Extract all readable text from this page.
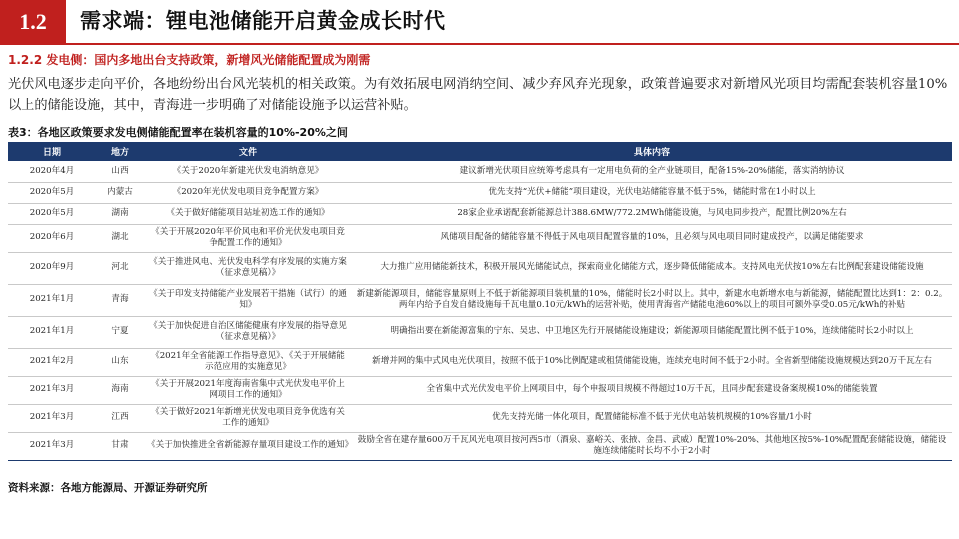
1.2	需求端：锂电池储能开启黄金成长时代
1.2.2 发电侧：国内多地出台支持政策，新增风光储能配置成为刚需
光伏风电逐步走向平价，各地纷纷出台风光装机的相关政策。为有效拓展电网消纳空间、减少弃风弃光现象，政策普遍要求对新增风光项目均需配套装机容量10%以上的储能设施，其中，青海进一步明确了对储能设施予以运营补贴。
表3：各地区政策要求发电侧储能配置率在装机容量的10%-20%之间
日期	地方	文件	具体内容
2020年4月	山西	《关于2020年新建光伏发电消纳意见》	建议新增光伏项目应统筹考虑具有一定用电负荷的全产业链项目，配备15%-20%储能，落实消纳协议
2020年5月	内蒙古	《2020年光伏发电项目竞争配置方案》	优先支持“光伏+储能”项目建设，光伏电站储能容量不低于5%，储能时常在1小时以上
2020年5月	湖南	《关于做好储能项目站址初选工作的通知》	28家企业承诺配套新能源总计388.6MW/772.2MWh储能设施，与风电同步投产，配置比例20%左右
2020年6月	湖北	《关于开展2020年平价风电和平价光伏发电项目竞争配置工作的通知》	风储项目配备的储能容量不得低于风电项目配置容量的10%，且必须与风电项目同时建成投产，以满足储能要求
2020年9月	河北	《关于推进风电、光伏发电科学有序发展的实施方案（征求意见稿）》	大力推广应用储能新技术，积极开展风光储能试点，探索商业化储能方式，逐步降低储能成本。支持风电光伏按10%左右比例配套建设储能设施
2021年1月	青海	《关于印发支持储能产业发展若干措施（试行）的通知》	新建新能源项目，储能容量原则上不低于新能源项目装机量的10%，储能时长2小时以上。其中，新建水电新增水电与新能源，储能配置比达到1：2：0.2。两年内给予自发自储设施每千瓦电量0.10元/kWh的运营补贴，使用青海省产储能电池60%以上的项目可额外享受0.05元/kWh的补贴
2021年1月	宁夏	《关于加快促进自治区储能健康有序发展的指导意见（征求意见稿）》	明确指出要在新能源富集的宁东、吴忠、中卫地区先行开展储能设施建设；新能源项目储能配置比例不低于10%，连续储能时长2小时以上
2021年2月	山东	《2021年全省能源工作指导意见》、《关于开展储能示范应用的实施意见》	新增并网的集中式风电光伏项目，按照不低于10%比例配建或租赁储能设施，连续充电时间不低于2小时。全省新型储能设施规模达到20万千瓦左右
2021年3月	海南	《关于开展2021年度海南省集中式光伏发电平价上网项目工作的通知》	全省集中式光伏发电平价上网项目中，每个申报项目规模不得超过10万千瓦，且同步配套建设备案规模10%的储能装置
2021年3月	江西	《关于做好2021年新增光伏发电项目竞争优选有关工作的通知》	优先支持光储一体化项目，配置储能标准不低于光伏电站装机规模的10%容量/1小时
2021年3月	甘肃	《关于加快推进全省新能源存量项目建设工作的通知》	鼓励全省在建存量600万千瓦风光电项目按河西5市（酒泉、嘉峪关、张掖、金昌、武威）配置10%-20%、其他地区按5%-10%配置配套储能设施，储能设施连续储能时长均不小于2小时
资料来源：各地方能源局、开源证券研究所
